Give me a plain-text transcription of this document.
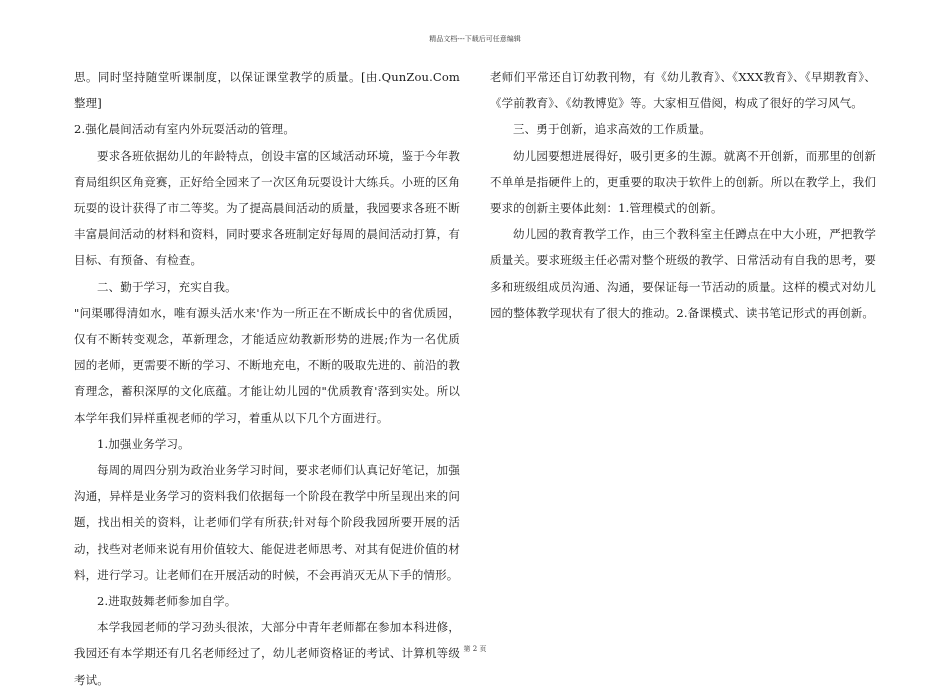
精品文档---下载后可任意编辑

思。同时坚持随堂听课制度，以保证课堂教学的质量。[由.QunZou.Com整理]

2.强化晨间活动有室内外玩耍活动的管理。

要求各班依据幼儿的年龄特点，创设丰富的区域活动环境，鉴于今年教育局组织区角竞赛，正好给全园来了一次区角玩耍设计大练兵。小班的区角玩耍的设计获得了市二等奖。为了提高晨间活动的质量，我园要求各班不断丰富晨间活动的材料和资料，同时要求各班制定好每周的晨间活动打算，有目标、有预备、有检查。

二、勤于学习，充实自我。

"问渠哪得清如水，唯有源头活水来'作为一所正在不断成长中的省优质园，仅有不断转变观念，革新理念，才能适应幼教新形势的进展;作为一名优质园的老师，更需要不断的学习、不断地充电，不断的吸取先进的、前沿的教育理念，蓄积深厚的文化底蕴。才能让幼儿园的"优质教育'落到实处。所以本学年我们异样重视老师的学习，着重从以下几个方面进行。

1.加强业务学习。

每周的周四分别为政治业务学习时间，要求老师们认真记好笔记，加强沟通，异样是业务学习的资料我们依据每一个阶段在教学中所呈现出来的问题，找出相关的资料，让老师们学有所获;针对每个阶段我园所要开展的活动，找些对老师来说有用价值较大、能促进老师思考、对其有促进价值的材料，进行学习。让老师们在开展活动的时候，不会再消灭无从下手的情形。

2.进取鼓舞老师参加自学。

本学我园老师的学习劲头很浓，大部分中青年老师都在参加本科进修，我园还有本学期还有几名老师经过了，幼儿老师资格证的考试、计算机等级考试。

老师们平常还自订幼教刊物，有《幼儿教育》、《XXX教育》、《早期教育》、《学前教育》、《幼教博览》等。大家相互借阅，构成了很好的学习风气。

三、勇于创新，追求高效的工作质量。

幼儿园要想进展得好，吸引更多的生源。就离不开创新，而那里的创新不单单是指硬件上的，更重要的取决于软件上的创新。所以在教学上，我们要求的创新主要体此刻：1.管理模式的创新。

幼儿园的教育教学工作，由三个教科室主任蹲点在中大小班，严把教学质量关。要求班级主任必需对整个班级的教学、日常活动有自我的思考，要多和班级组成员沟通、沟通，要保证每一节活动的质量。这样的模式对幼儿园的整体教学现状有了很大的推动。2.备课模式、读书笔记形式的再创新。

第 2 页
